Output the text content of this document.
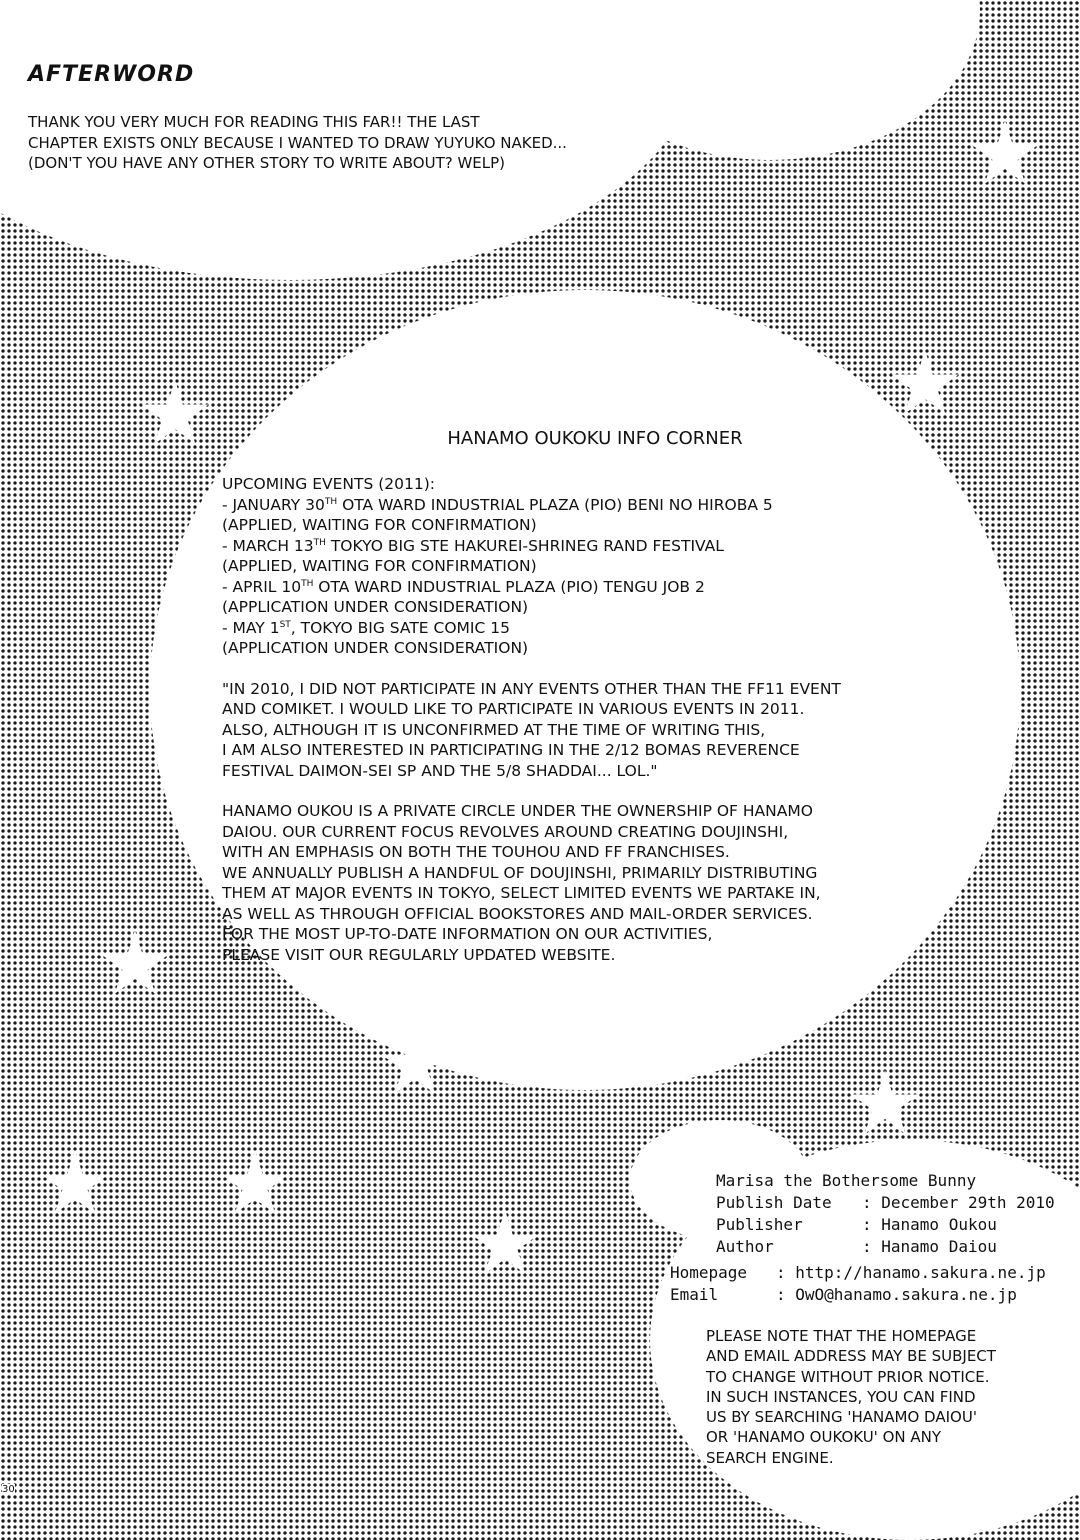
AFTERWORD
THANK YOU VERY MUCH FOR READING THIS FAR!! THE LAST
CHAPTER EXISTS ONLY BECAUSE I WANTED TO DRAW YUYUKO NAKED...
(DON'T YOU HAVE ANY OTHER STORY TO WRITE ABOUT? WELP)
HANAMO OUKOKU INFO CORNER

UPCOMING EVENTS (2011):
- JANUARY 30TH OTA WARD INDUSTRIAL PLAZA (PIO) BENI NO HIROBA 5
(APPLIED, WAITING FOR CONFIRMATION)
- MARCH 13TH TOKYO BIG STE HAKUREI-SHRINEG RAND FESTIVAL
(APPLIED, WAITING FOR CONFIRMATION)
- APRIL 10TH OTA WARD INDUSTRIAL PLAZA (PIO) TENGU JOB 2
(APPLICATION UNDER CONSIDERATION)
- MAY 1ST, TOKYO BIG SATE COMIC 15
(APPLICATION UNDER CONSIDERATION)

"IN 2010, I DID NOT PARTICIPATE IN ANY EVENTS OTHER THAN THE FF11 EVENT
AND COMIKET. I WOULD LIKE TO PARTICIPATE IN VARIOUS EVENTS IN 2011.
ALSO, ALTHOUGH IT IS UNCONFIRMED AT THE TIME OF WRITING THIS,
I AM ALSO INTERESTED IN PARTICIPATING IN THE 2/12 BOMAS REVERENCE
FESTIVAL DAIMON-SEI SP AND THE 5/8 SHADDAI... LOL."

HANAMO OUKOU IS A PRIVATE CIRCLE UNDER THE OWNERSHIP OF HANAMO
DAIOU. OUR CURRENT FOCUS REVOLVES AROUND CREATING DOUJINSHI,
WITH AN EMPHASIS ON BOTH THE TOUHOU AND FF FRANCHISES.
WE ANNUALLY PUBLISH A HANDFUL OF DOUJINSHI, PRIMARILY DISTRIBUTING
THEM AT MAJOR EVENTS IN TOKYO, SELECT LIMITED EVENTS WE PARTAKE IN,
AS WELL AS THROUGH OFFICIAL BOOKSTORES AND MAIL-ORDER SERVICES.
FOR THE MOST UP-TO-DATE INFORMATION ON OUR ACTIVITIES,
PLEASE VISIT OUR REGULARLY UPDATED WEBSITE.

Marisa the Bothersome Bunny
Publish Date	: December 29th 2010
Publisher	: Hanamo Oukou
Author	: Hanamo Daiou
Homepage	: http://hanamo.sakura.ne.jp
Email	: OwO@hanamo.sakura.ne.jp
PLEASE NOTE THAT THE HOMEPAGE
AND EMAIL ADDRESS MAY BE SUBJECT
TO CHANGE WITHOUT PRIOR NOTICE.
IN SUCH INSTANCES, YOU CAN FIND
US BY SEARCHING 'HANAMO DAIOU'
OR 'HANAMO OUKOKU' ON ANY
SEARCH ENGINE.
30
